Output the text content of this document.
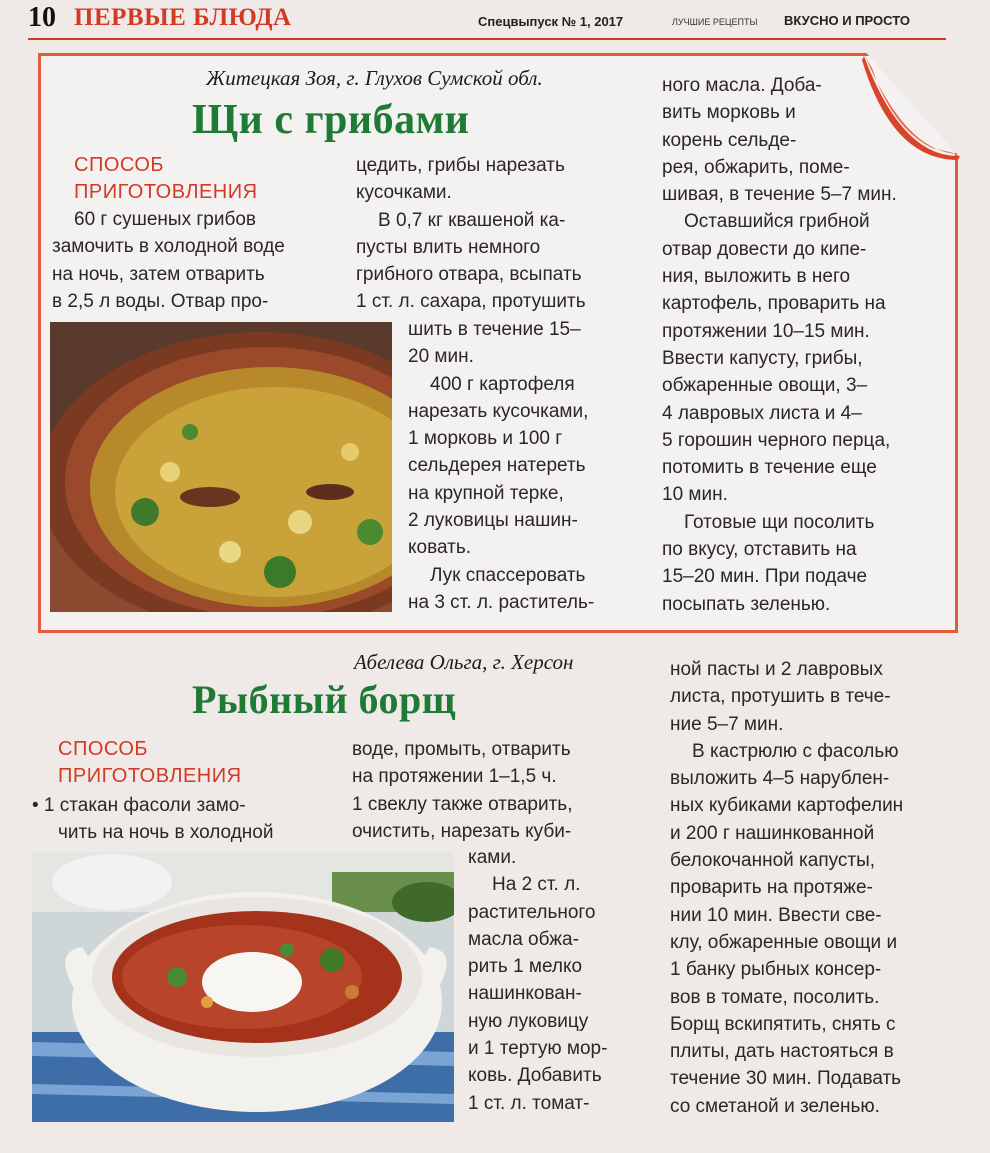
10 ПЕРВЫЕ БЛЮДА	Спецвыпуск № 1, 2017	ЛУЧШИЕ РЕЦЕПТЫ ВКУСНО И ПРОСТО
Житецкая Зоя, г. Глухов Сумской обл.
Щи с грибами
СПОСОБ
ПРИГОТОВЛЕНИЯ
60 г сушеных грибов
замочить в холодной воде
на ночь, затем отварить
в 2,5 л воды. Отвар про-
цедить, грибы нарезать
кусочками.
В 0,7 кг квашеной ка-
пусты влить немного
грибного отвара, всыпать
1 ст. л. сахара, протушить
шить в течение 15–
20 мин.
400 г картофеля
нарезать кусочками,
1 морковь и 100 г
сельдерея натереть
на крупной терке,
2 луковицы нашин-
ковать.
Лук спассеровать
на 3 ст. л. раститель-
ного масла. Доба-
вить морковь и
корень сельде-
рея, обжарить, поме-
шивая, в течение 5–7 мин.
Оставшийся грибной
отвар довести до кипе-
ния, выложить в него
картофель, проварить на
протяжении 10–15 мин.
Ввести капусту, грибы,
обжаренные овощи, 3–
4 лавровых листа и 4–
5 горошин черного перца,
потомить в течение еще
10 мин.
Готовые щи посолить
по вкусу, отставить на
15–20 мин. При подаче
посыпать зеленью.
Абелева Ольга, г. Херсон
Рыбный борщ
СПОСОБ
ПРИГОТОВЛЕНИЯ
• 1 стакан фасоли замо-
чить на ночь в холодной
воде, промыть, отварить
на протяжении 1–1,5 ч.
1 свеклу также отварить,
очистить, нарезать куби-
ками.
На 2 ст. л.
растительного
масла обжа-
рить 1 мелко
нашинкован-
ную луковицу
и 1 тертую мор-
ковь. Добавить
1 ст. л. томат-
ной пасты и 2 лавровых
листа, протушить в тече-
ние 5–7 мин.
В кастрюлю с фасолью
выложить 4–5 нарублен-
ных кубиками картофелин
и 200 г нашинкованной
белокочанной капусты,
проварить на протяже-
нии 10 мин. Ввести све-
клу, обжаренные овощи и
1 банку рыбных консер-
вов в томате, посолить.
Борщ вскипятить, снять с
плиты, дать настояться в
течение 30 мин. Подавать
со сметаной и зеленью.
